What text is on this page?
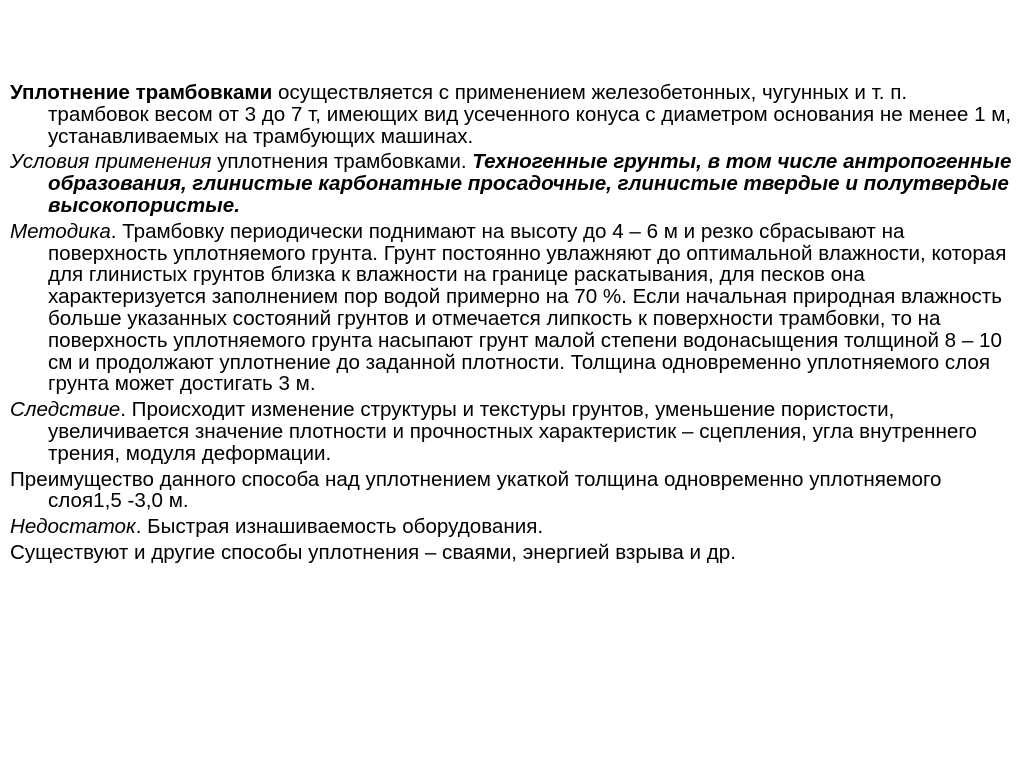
Уплотнение трамбовками осуществляется с применением железобетонных, чугунных и т. п. трамбовок весом от 3 до 7 т, имеющих вид усеченного конуса с диаметром основания не менее 1 м, устанавливаемых на трамбующих машинах.

Условия применения уплотнения трамбовками. Техногенные грунты, в том числе антропогенные образования, глинистые карбонатные просадочные, глинистые твердые и полутвердые высокопористые.

Методика. Трамбовку периодически поднимают на высоту до 4 – 6 м и резко сбрасывают на поверхность уплотняемого грунта. Грунт постоянно увлажняют до оптимальной влажности, которая для глинистых грунтов близка к влажности на границе раскатывания, для песков она характеризуется заполнением пор водой примерно на 70 %. Если начальная природная влажность больше указанных состояний грунтов и отмечается липкость к поверхности трамбовки, то на поверхность уплотняемого грунта насыпают грунт малой степени водонасыщения толщиной 8 – 10 см и продолжают уплотнение до заданной плотности. Толщина одновременно уплотняемого слоя грунта может достигать 3 м.

Следствие. Происходит изменение структуры и текстуры грунтов, уменьшение пористости, увеличивается значение плотности и прочностных характеристик – сцепления, угла внутреннего трения, модуля деформации.

Преимущество данного способа над уплотнением укаткой толщина одновременно уплотняемого слоя1,5 -3,0 м.

Недостаток. Быстрая изнашиваемость оборудования.

Существуют и другие способы уплотнения – сваями, энергией взрыва и др.
